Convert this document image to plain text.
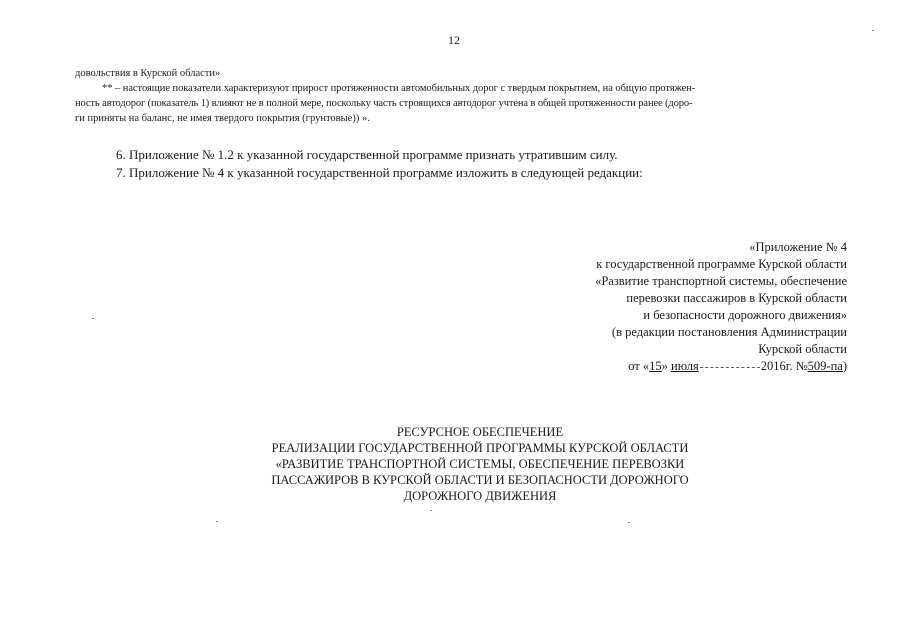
12
довольствия в Курской области»
** – настоящие показатели характеризуют прирост протяженности автомобильных дорог с твердым покрытием, на общую протяжен-
ность автодорог (показатель 1) влияют не в полной мере, поскольку часть строящихся автодорог учтена в общей протяженности ранее (доро-
ги приняты на баланс, не имея твердого покрытия (грунтовые)) ».
6. Приложение № 1.2 к указанной государственной программе признать утратившим силу.
7. Приложение № 4 к указанной государственной программе изложить в следующей редакции:
«Приложение № 4
к государственной программе Курской области
«Развитие транспортной системы, обеспечение
перевозки пассажиров в Курской области
и безопасности дорожного движения»
(в редакции постановления Администрации
Курской области
от «15» июля	2016г. №509-па)
РЕСУРСНОЕ ОБЕСПЕЧЕНИЕ
РЕАЛИЗАЦИИ ГОСУДАРСТВЕННОЙ ПРОГРАММЫ КУРСКОЙ ОБЛАСТИ
«РАЗВИТИЕ ТРАНСПОРТНОЙ СИСТЕМЫ, ОБЕСПЕЧЕНИЕ ПЕРЕВОЗКИ
ПАССАЖИРОВ В КУРСКОЙ ОБЛАСТИ И БЕЗОПАСНОСТИ ДОРОЖНОГО
ДОРОЖНОГО ДВИЖЕНИЯ
